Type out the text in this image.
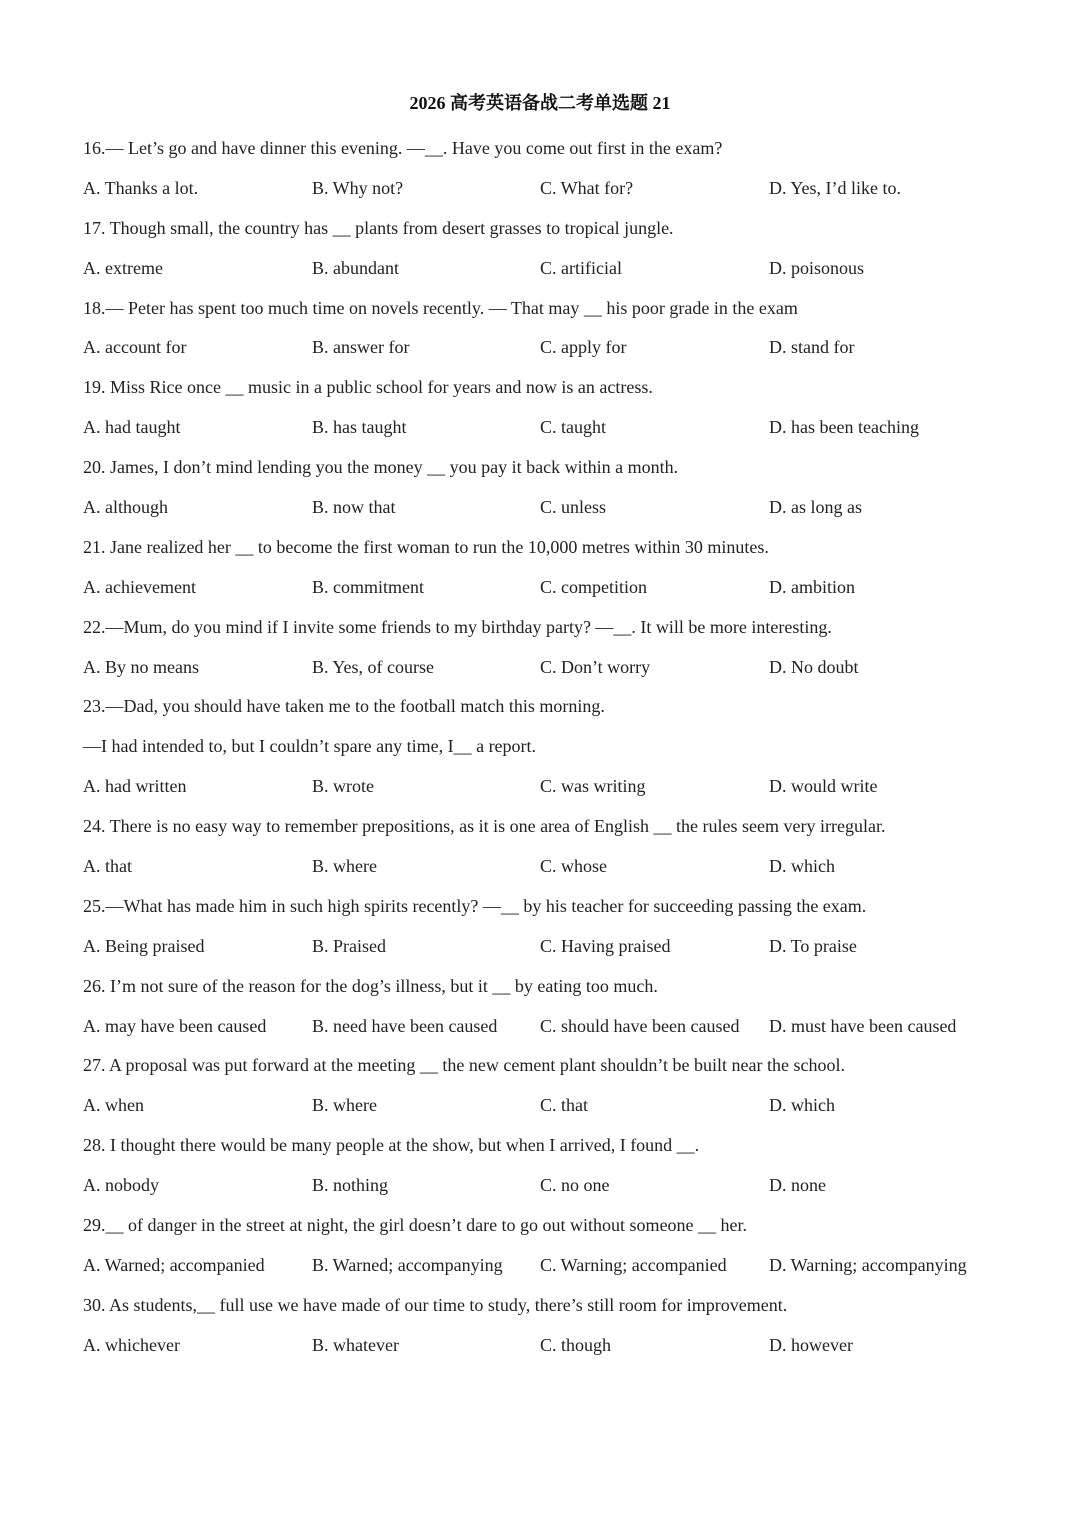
2026 高考英语备战二考单选题 21
16.— Let’s go and have dinner this evening. —__. Have you come out first in the exam?
A. Thanks a lot.	B. Why not?	C. What for?	D. Yes, I’d like to.
17. Though small, the country has __ plants from desert grasses to tropical jungle.
A. extreme	B. abundant	C. artificial	D. poisonous
18.— Peter has spent too much time on novels recently. — That may __ his poor grade in the exam
A. account for	B. answer for	C. apply for	D. stand for
19. Miss Rice once __ music in a public school for years and now is an actress.
A. had taught	B. has taught	C. taught	D. has been teaching
20. James, I don’t mind lending you the money __ you pay it back within a month.
A. although	B. now that	C. unless	D. as long as
21. Jane realized her __ to become the first woman to run the 10,000 metres within 30 minutes.
A. achievement	B. commitment	C. competition	D. ambition
22.—Mum, do you mind if I invite some friends to my birthday party? —__. It will be more interesting.
A. By no means	B. Yes, of course	C. Don’t worry	D. No doubt
23.—Dad, you should have taken me to the football match this morning.
—I had intended to, but I couldn’t spare any time, I__ a report.
A. had written	B. wrote	C. was writing	D. would write
24. There is no easy way to remember prepositions, as it is one area of English __ the rules seem very irregular.
A. that	B. where	C. whose	D. which
25.—What has made him in such high spirits recently? —__ by his teacher for succeeding passing the exam.
A. Being praised	B. Praised	C. Having praised	D. To praise
26. I’m not sure of the reason for the dog’s illness, but it __ by eating too much.
A. may have been caused	B. need have been caused C. should have been caused D. must have been caused
27. A proposal was put forward at the meeting __ the new cement plant shouldn’t be built near the school.
A. when	B. where	C. that	D. which
28. I thought there would be many people at the show, but when I arrived, I found __.
A. nobody	B. nothing	C. no one	D. none
29.__ of danger in the street at night, the girl doesn’t dare to go out without someone __ her.
A. Warned; accompanied	B. Warned; accompanying C. Warning; accompanied D. Warning; accompanying
30. As students,__ full use we have made of our time to study, there’s still room for improvement.
A. whichever	B. whatever	C. though	D. however
